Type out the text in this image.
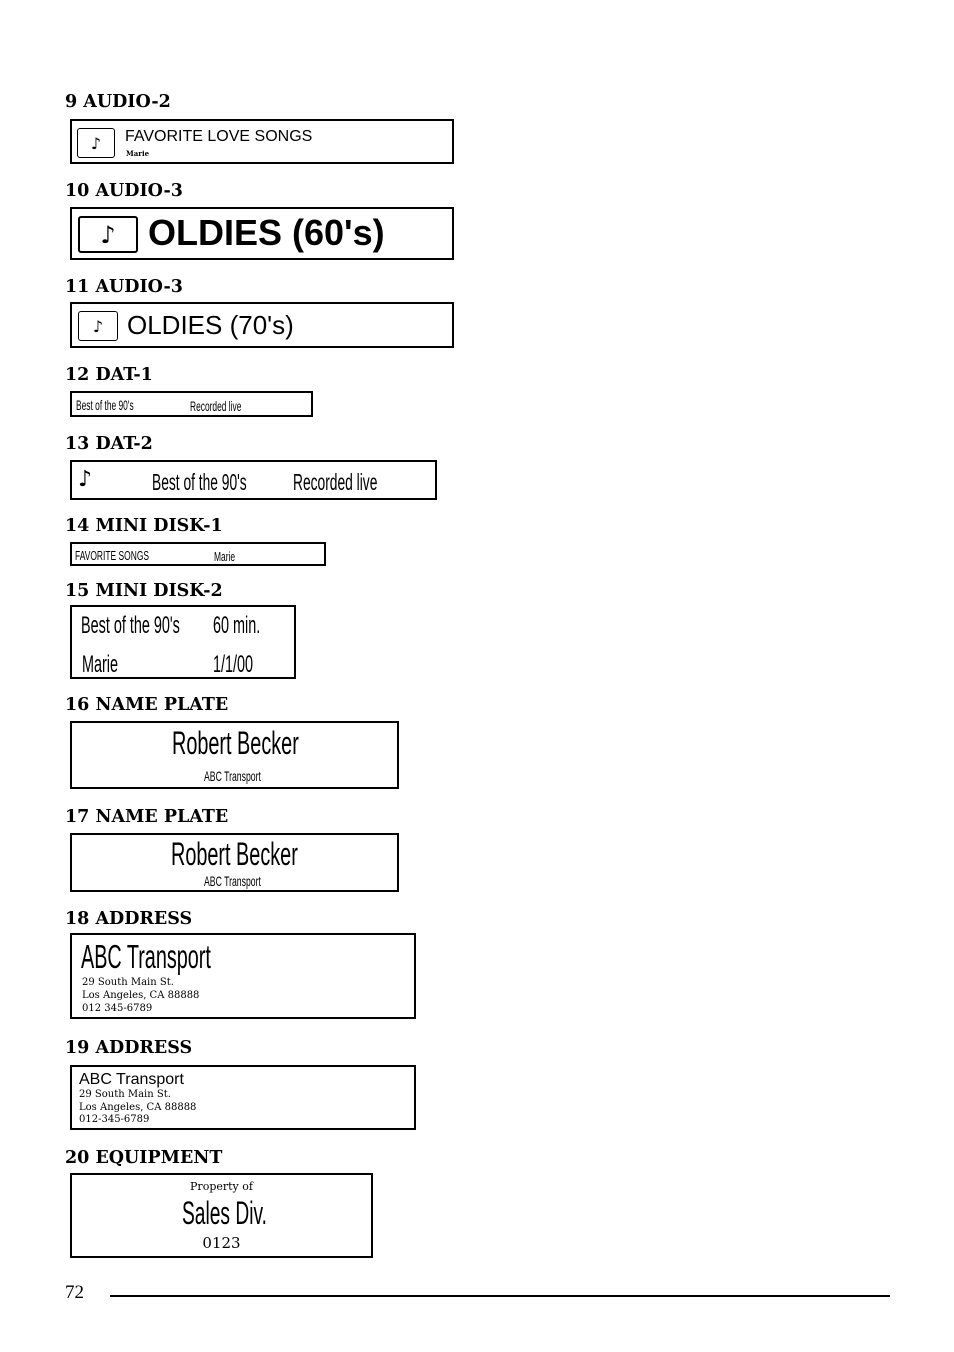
9 AUDIO-2
♪	FAVORITE LOVE SONGS
Marie
10 AUDIO-3
♪ OLDIES (60's)
11 AUDIO-3
♪ OLDIES (70's)
12 DAT-1
Best of the 90's	Recorded live
13 DAT-2
♪	Best of the 90's	Recorded live
14 MINI DISK-1
FAVORITE SONGS	Marie
15 MINI DISK-2
Best of the 90's	60 min.
Marie	1/1/00
16 NAME PLATE
Robert Becker
ABC Transport
17 NAME PLATE
Robert Becker
ABC Transport
18 ADDRESS
ABC Transport
29 South Main St.
Los Angeles, CA 88888
012 345-6789
19 ADDRESS
ABC Transport
29 South Main St.
Los Angeles, CA 88888
012-345-6789
20 EQUIPMENT
Property of
Sales Div.
0123
72
